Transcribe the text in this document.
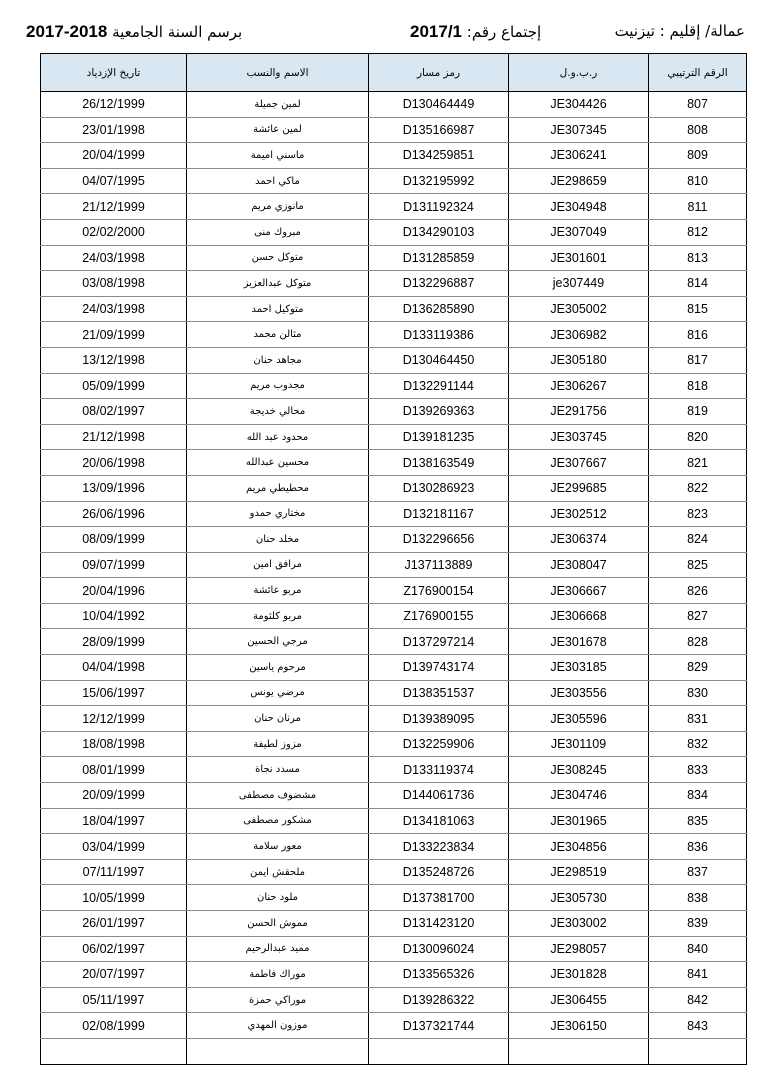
عمالة/ إقليم : تيزنيت
إجتماع رقم: 2017/1
برسم السنة الجامعية 2018-2017
الرقم الترتيبي	ر.ب.و.ل	رمز مسار	الاسم والنسب	تاريخ الإزدياد
807	JE304426	D130464449	لمين جميلة	26/12/1999
808	JE307345	D135166987	لمين عائشة	23/01/1998
809	JE306241	D134259851	ماسني اميمة	20/04/1999
810	JE298659	D132195992	ماكي احمد	04/07/1995
811	JE304948	D131192324	مانوزي مريم	21/12/1999
812	JE307049	D134290103	مبروك منى	02/02/2000
813	JE301601	D131285859	متوكل حسن	24/03/1998
814	je307449	D132296887	متوكل عبدالعزيز	03/08/1998
815	JE305002	D136285890	متوكيل احمد	24/03/1998
816	JE306982	D133119386	مثالن محمد	21/09/1999
817	JE305180	D130464450	مجاهد حنان	13/12/1998
818	JE306267	D132291144	مجدوب مريم	05/09/1999
819	JE291756	D139269363	محالي خديجة	08/02/1997
820	JE303745	D139181235	محدود عبد الله	21/12/1998
821	JE307667	D138163549	محسين عبدالله	20/06/1998
822	JE299685	D130286923	محطيطي مريم	13/09/1996
823	JE302512	D132181167	مختاري حمدو	26/06/1996
824	JE306374	D132296656	مخلد حنان	08/09/1999
825	JE308047	J137113889	مرافق امين	09/07/1999
826	JE306667	Z176900154	مربو عائشة	20/04/1996
827	JE306668	Z176900155	مربو كلثومة	10/04/1992
828	JE301678	D137297214	مرجي الحسين	28/09/1999
829	JE303185	D139743174	مرحوم ياسين	04/04/1998
830	JE303556	D138351537	مرضي يونس	15/06/1997
831	JE305596	D139389095	مرنان حنان	12/12/1999
832	JE301109	D132259906	مزوز لطيفة	18/08/1998
833	JE308245	D133119374	مسدد نجاة	08/01/1999
834	JE304746	D144061736	مشضوف مصطفى	20/09/1999
835	JE301965	D134181063	مشكور مصطفى	18/04/1997
836	JE304856	D133223834	معور سلامة	03/04/1999
837	JE298519	D135248726	ملحقش ايمن	07/11/1997
838	JE305730	D137381700	ملود حنان	10/05/1999
839	JE303002	D131423120	مموش الحسن	26/01/1997
840	JE298057	D130096024	مميد عبدالرحيم	06/02/1997
841	JE301828	D133565326	موراك فاطمة	20/07/1997
842	JE306455	D139286322	موراكي حمزة	05/11/1997
843	JE306150	D137321744	موزون المهدي	02/08/1999
